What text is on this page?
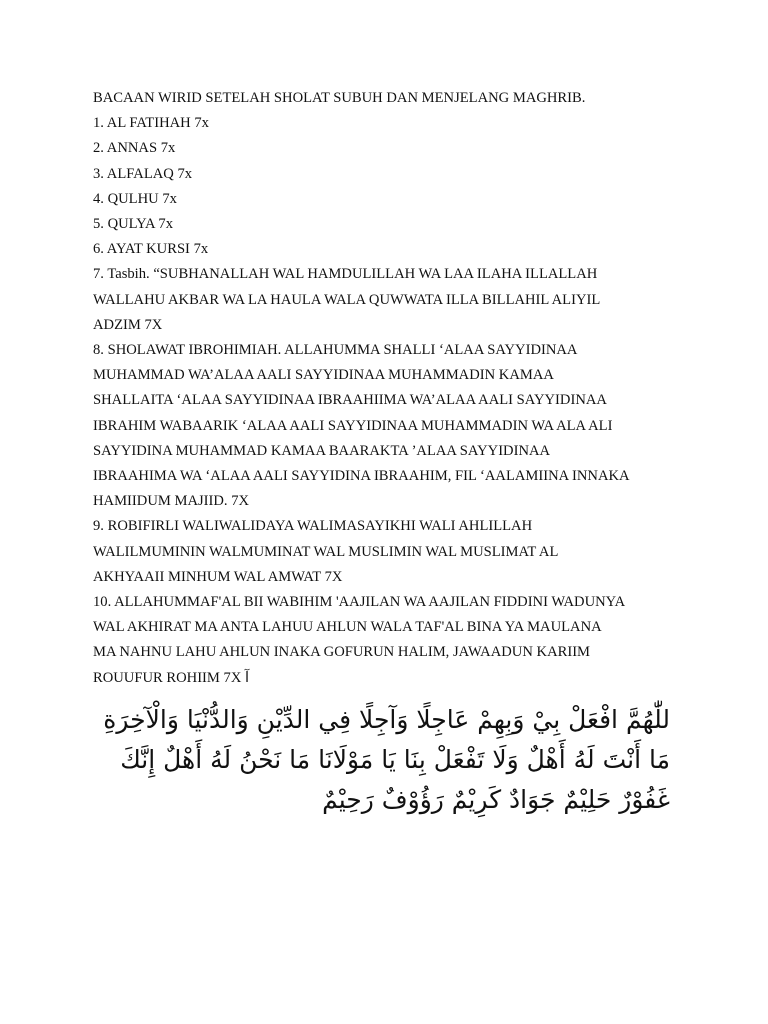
BACAAN WIRID SETELAH SHOLAT SUBUH DAN MENJELANG MAGHRIB.

1. AL FATIHAH 7x

2. ANNAS 7x

3. ALFALAQ 7x

4. QULHU 7x

5. QULYA 7x

6. AYAT KURSI 7x

7. Tasbih. “SUBHANALLAH WAL HAMDULILLAH WA LAA ILAHA ILLALLAH

WALLAHU AKBAR WA LA HAULA WALA QUWWATA ILLA BILLAHIL ALIYIL

ADZIM 7X

8. SHOLAWAT IBROHIMIAH. ALLAHUMMA SHALLI ‘ALAA SAYYIDINAA

MUHAMMAD WA’ALAA AALI SAYYIDINAA MUHAMMADIN KAMAA

SHALLAITA ‘ALAA SAYYIDINAA IBRAAHIIMA WA’ALAA AALI SAYYIDINAA

IBRAHIM WABAARIK ‘ALAA AALI SAYYIDINAA MUHAMMADIN WA ALA ALI

SAYYIDINA MUHAMMAD KAMAA BAARAKTA ’ALAA SAYYIDINAA

IBRAAHIMA WA ‘ALAA AALI SAYYIDINA IBRAAHIM, FIL ‘AALAMIINA INNAKA

HAMIIDUM MAJIID. 7X

9. ROBIFIRLI WALIWALIDAYA WALIMASAYIKHI WALI AHLILLAH

WALILMUMININ WALMUMINAT WAL MUSLIMIN WAL MUSLIMAT AL

AKHYAAII MINHUM WAL AMWAT 7X

10. ALLAHUMMAF'AL BII WABIHIM 'AAJILAN WA AAJILAN FIDDINI WADUNYA

WAL AKHIRAT MA ANTA LAHUU AHLUN WALA TAF'AL BINA YA MAULANA

MA NAHNU LAHU AHLUN INAKA GOFURUN HALIM, JAWAADUN KARIIM

ROUUFUR ROHIIM 7X آ

للّٰهُمَّ افْعَلْ بِيْ وَبِهِمْ عَاجِلًا وَآجِلًا فِي الدِّيْنِ وَالدُّنْيَا وَالْآخِرَةِ

مَا أَنْتَ لَهُ أَهْلٌ وَلَا تَفْعَلْ بِنَا يَا مَوْلَانَا مَا نَحْنُ لَهُ أَهْلٌ إِنَّكَ

غَفُوْرٌ حَلِيْمٌ جَوَادٌ كَرِيْمٌ رَؤُوْفٌ رَحِيْمٌ
